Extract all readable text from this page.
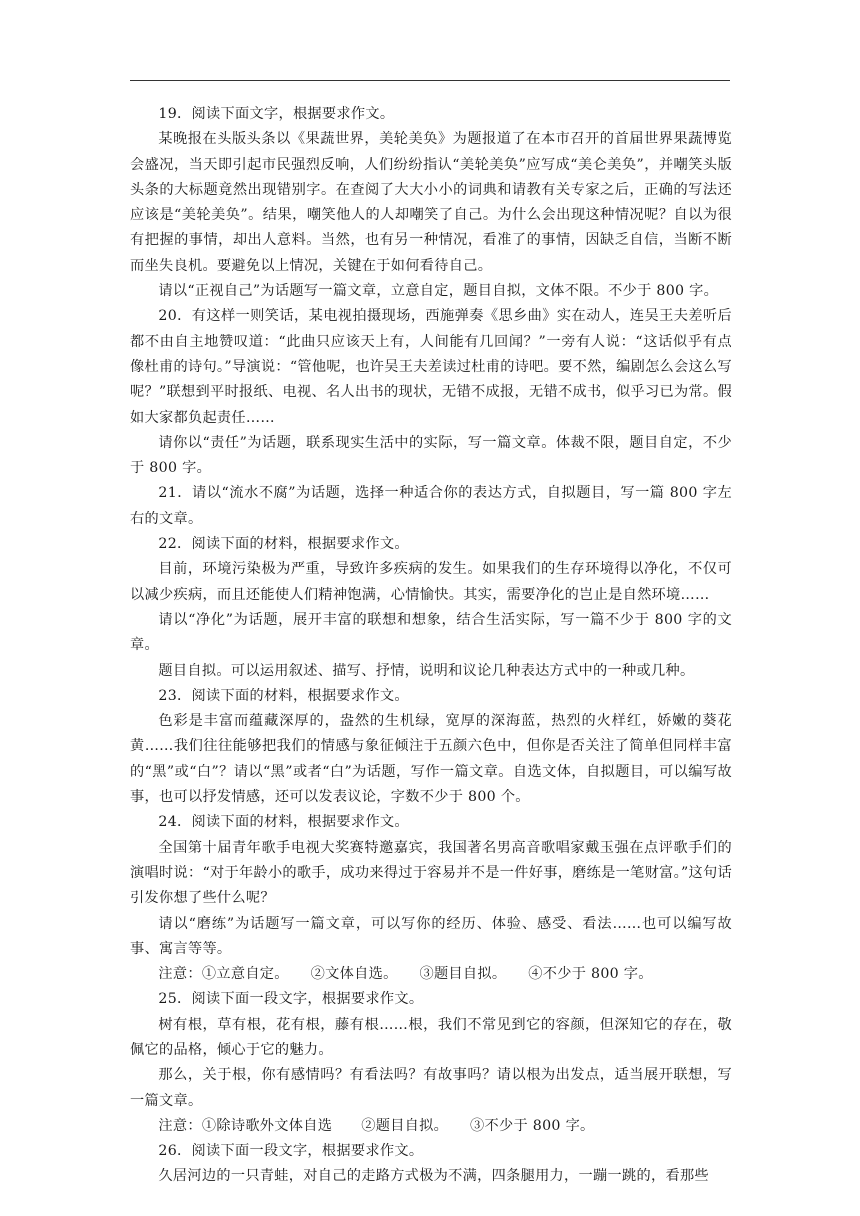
19．阅读下面文字，根据要求作文。

某晚报在头版头条以《果蔬世界，美轮美奂》为题报道了在本市召开的首届世界果蔬博览会盛况，当天即引起市民强烈反响，人们纷纷指认“美轮美奂”应写成“美仑美奂”，并嘲笑头版头条的大标题竟然出现错别字。在查阅了大大小小的词典和请教有关专家之后，正确的写法还应该是“美轮美奂”。结果，嘲笑他人的人却嘲笑了自己。为什么会出现这种情况呢？自以为很有把握的事情，却出人意料。当然，也有另一种情况，看准了的事情，因缺乏自信，当断不断而坐失良机。要避免以上情况，关键在于如何看待自己。

请以“正视自己”为话题写一篇文章，立意自定，题目自拟，文体不限。不少于 800 字。

20．有这样一则笑话，某电视拍摄现场，西施弹奏《思乡曲》实在动人，连吴王夫差听后都不由自主地赞叹道：“此曲只应该天上有，人间能有几回闻？”一旁有人说：“这话似乎有点像杜甫的诗句。”导演说：“管他呢，也许吴王夫差读过杜甫的诗吧。要不然，编剧怎么会这么写呢？”联想到平时报纸、电视、名人出书的现状，无错不成报，无错不成书，似乎习已为常。假如大家都负起责任……

请你以“责任”为话题，联系现实生活中的实际，写一篇文章。体裁不限，题目自定，不少于 800 字。

21．请以“流水不腐”为话题，选择一种适合你的表达方式，自拟题目，写一篇 800 字左右的文章。

22．阅读下面的材料，根据要求作文。

目前，环境污染极为严重，导致许多疾病的发生。如果我们的生存环境得以净化，不仅可以减少疾病，而且还能使人们精神饱满，心情愉快。其实，需要净化的岂止是自然环境……

请以“净化”为话题，展开丰富的联想和想象，结合生活实际，写一篇不少于 800 字的文章。

题目自拟。可以运用叙述、描写、抒情，说明和议论几种表达方式中的一种或几种。

23．阅读下面的材料，根据要求作文。

色彩是丰富而蕴藏深厚的，盎然的生机绿，宽厚的深海蓝，热烈的火样红，娇嫩的葵花黄……我们往往能够把我们的情感与象征倾注于五颜六色中，但你是否关注了简单但同样丰富的“黑”或“白”？请以“黑”或者“白”为话题，写作一篇文章。自选文体，自拟题目，可以编写故事，也可以抒发情感，还可以发表议论，字数不少于 800 个。

24．阅读下面的材料，根据要求作文。

全国第十届青年歌手电视大奖赛特邀嘉宾，我国著名男高音歌唱家戴玉强在点评歌手们的演唱时说：“对于年龄小的歌手，成功来得过于容易并不是一件好事，磨练是一笔财富。”这句话引发你想了些什么呢？

请以“磨练”为话题写一篇文章，可以写你的经历、体验、感受、看法……也可以编写故事、寓言等等。

注意：①立意自定。　　②文体自选。　　③题目自拟。　　④不少于 800 字。

25．阅读下面一段文字，根据要求作文。

树有根，草有根，花有根，藤有根……根，我们不常见到它的容颜，但深知它的存在，敬佩它的品格，倾心于它的魅力。

那么，关于根，你有感情吗？有看法吗？有故事吗？请以根为出发点，适当展开联想，写一篇文章。

注意：①除诗歌外文体自选　　②题目自拟。　　③不少于 800 字。

26．阅读下面一段文字，根据要求作文。

久居河边的一只青蛙，对自己的走路方式极为不满，四条腿用力，一蹦一跳的，看那些
